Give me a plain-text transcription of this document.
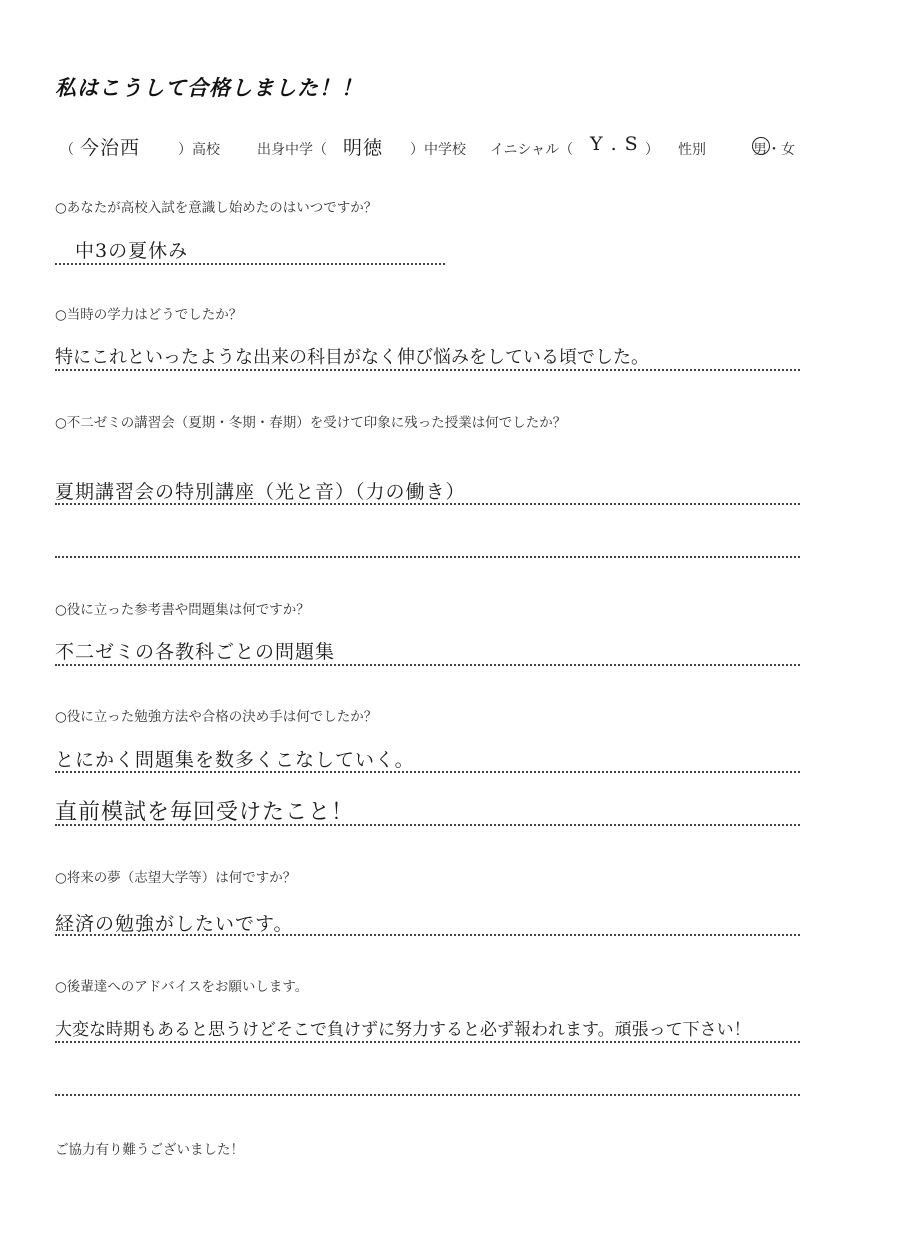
私はこうして合格しました！！
（ 今治西	）高校	出身中学（ 明徳 ）中学校 イニシャル（ Y . S ） 性別	男・女
○あなたが高校入試を意識し始めたのはいつですか？
中3の夏休み
○当時の学力はどうでしたか？
特にこれといったような出来の科目がなく伸び悩みをしている頃でした。
○不二ゼミの講習会（夏期・冬期・春期）を受けて印象に残った授業は何でしたか？
夏期講習会の特別講座（光と音）（力の働き）
○役に立った参考書や問題集は何ですか？
不二ゼミの各教科ごとの問題集
○役に立った勉強方法や合格の決め手は何でしたか？
とにかく問題集を数多くこなしていく。
直前模試を毎回受けたこと！
○将来の夢（志望大学等）は何ですか？
経済の勉強がしたいです。
○後輩達へのアドバイスをお願いします。
大変な時期もあると思うけどそこで負けずに努力すると必ず報われます。頑張って下さい！
ご協力有り難うございました！
